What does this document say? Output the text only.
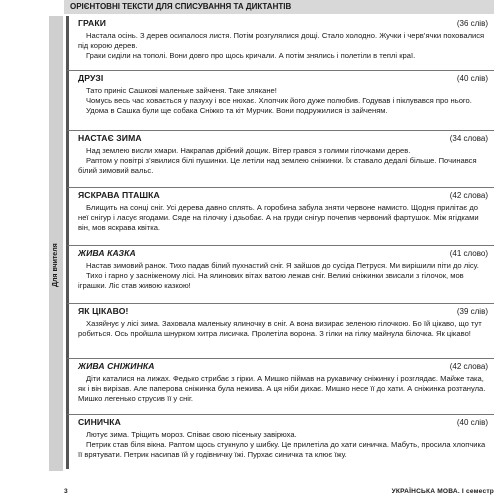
ОРІЄНТОВНІ ТЕКСТИ ДЛЯ СПИСУВАННЯ ТА ДИКТАНТІВ
Для вчителя
ГРАКИ	(36 слів)

Настала осінь. З дерев осипалося листя. Потім розгулялися дощі. Стало холодно. Жучки і черв’ячки поховалися під корою дерев.

Граки сиділи на тополі. Вони довго про щось кричали. А потім знялись і полетіли в теплі краї.

ДРУЗІ	(40 слів)

Тато приніс Сашкові маленьке зайченя. Таке злякане!

Чомусь весь час ховається у пазуху і все нюхає. Хлопчик його дуже полюбив. Годував і піклувався про нього.

Удома в Сашка були ще собака Сніжко та кіт Мурчик. Вони подружилися із зайченям.

НАСТАЄ ЗИМА	(34 слова)

Над землею висли хмари. Накрапав дрібний дощик. Вітер грався з голими гілочками дерев.

Раптом у повітрі з’явилися білі пушинки. Це летіли над землею сніжинки. Їх ставало дедалі більше. Починався білий зимовий вальс.

ЯСКРАВА ПТАШКА	(42 слова)

Блищить на сонці сніг. Усі дерева давно сплять. А горобина забула зняти червоне намисто. Щодня прилітає до неї снігур і ласує ягодами. Сяде на гілочку і дзьобає. А на груди снігур почепив червоний фартушок. Між ягідками він, мов яскрава квітка.

ЖИВА КАЗКА	(41 слово)

Настав зимовий ранок. Тихо падав білий пухнастий сніг. Я зайшов до сусіда Петруся. Ми вирішили піти до лісу.

Тихо і гарно у засніженому лісі. На ялинових вітах ватою лежав сніг. Великі сніжинки звисали з гілочок, мов іграшки. Ліс став живою казкою!

ЯК ЦІКАВО!	(39 слів)

Хазяйнує у лісі зима. Заховала маленьку ялиночку в сніг. А вона визирає зеленою гілочкою. Бо їй цікаво, що тут робиться. Ось пройшла шнурком хитра лисичка. Пролетіла ворона. З гілки на гілку майнула білочка. Як цікаво!

ЖИВА СНІЖИНКА	(42 слова)

Діти каталися на лижах. Федько стрибає з гірки. А Мишко піймав на рукавичку сніжинку і розглядає. Майже така, як і він вирізав. Але паперова сніжинка була нежива. А ця ніби дихає. Мишко несе її до хати. А сніжинка розтанула. Мишко легенько струсив її у сніг.

СИНИЧКА	(40 слів)

Лютує зима. Тріщить мороз. Співає свою пісеньку завірюха.

Петрик став біля вікна. Раптом щось стукнуло у шибку. Це прилетіла до хати синичка. Мабуть, просила хлопчика її врятувати. Петрик насипав їй у годівничку їжі. Пурхає синичка та клює їжу.

3	УКРАЇНСЬКА МОВА. І семестр
